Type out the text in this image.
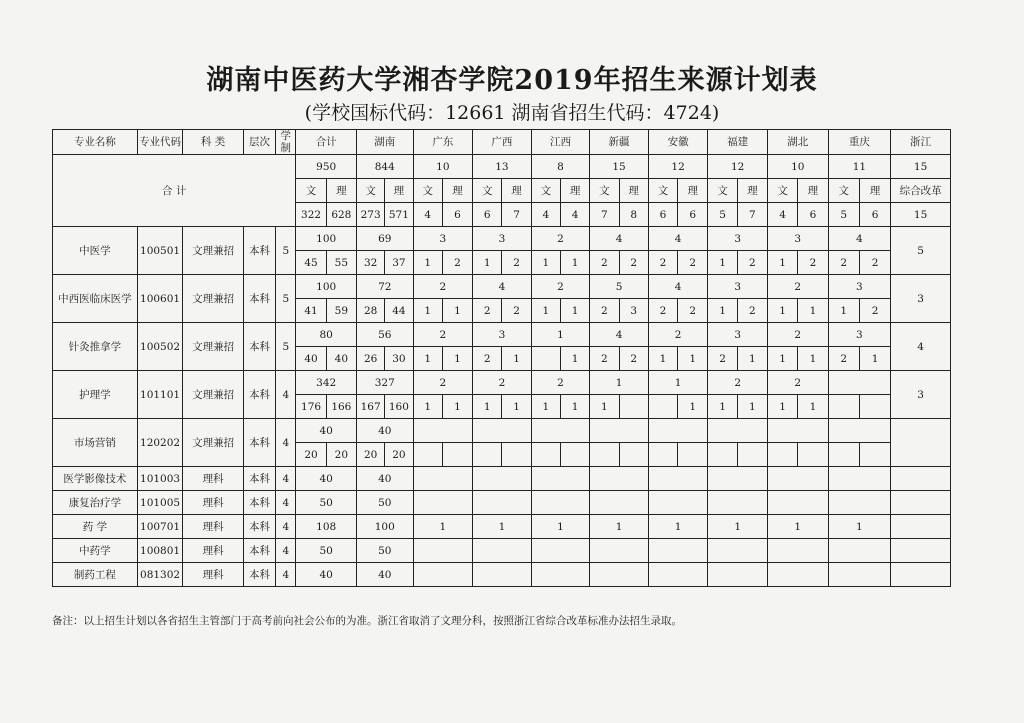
湖南中医药大学湘杏学院2019年招生来源计划表
(学校国标代码：12661 湖南省招生代码：4724)
专业名称	专业代码	科 类	层次	学制	合计		湖南		广东		广西		江西		新疆		安徽		福建		湖北		重庆		浙江
合 计					950		844		10		13		8		15		12		12		10		11		15
					文	理	文	理	文	理	文	理	文	理	文	理	文	理	文	理	文	理	文	理	综合改革
					322	628	273	571	4	6	6	7	4	4	7	8	6	6	5	7	4	6	5	6	15
中医学	100501	文理兼招	本科	5	100		69		3		3		2		4		4		3		3		4		5
					45	55	32	37	1	2	1	2	1	1	2	2	2	2	1	2	1	2	2	2	
中西医临床医学	100601	文理兼招	本科	5	100		72		2		4		2		5		4		3		2		3		3
					41	59	28	44	1	1	2	2	1	1	2	3	2	2	1	2	1	1	1	2	
针灸推拿学	100502	文理兼招	本科	5	80		56		2		3		1		4		2		3		2		3		4
					40	40	26	30	1	1	2	1		1	2	2	1	1	2	1	1	1	2	1	
护理学	101101	文理兼招	本科	4	342		327		2		2		2		1		1		2		2				3
					176	166	167	160	1	1	1	1	1	1	1			1	1	1	1	1			
市场营销	120202	文理兼招	本科	4	40		40																		
					20	20	20	20																	
医学影像技术	101003	理科	本科	4	40		40																		
康复治疗学	101005	理科	本科	4	50		50																		
药 学	100701	理科	本科	4	108		100		1		1		1		1		1		1		1		1		
中药学	100801	理科	本科	4	50		50																		
制药工程	081302	理科	本科	4	40		40																		
备注：以上招生计划以各省招生主管部门于高考前向社会公布的为准。浙江省取消了文理分科，按照浙江省综合改革标准办法招生录取。
